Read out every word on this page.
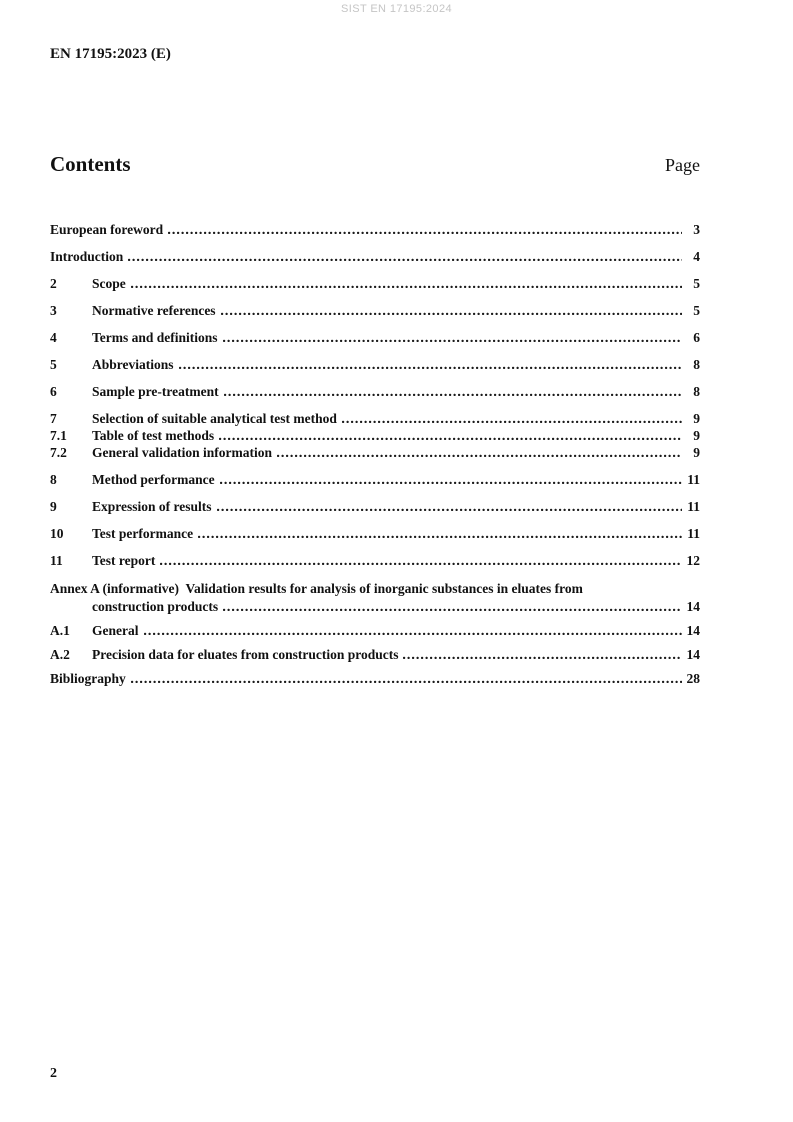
SIST EN 17195:2024
EN 17195:2023 (E)
Contents	Page
European foreword	3
Introduction	4
2	Scope	5
3	Normative references	5
4	Terms and definitions	6
5	Abbreviations	8
6	Sample pre-treatment	8
7	Selection of suitable analytical test method	9
7.1	Table of test methods	9
7.2	General validation information	9
8	Method performance	11
9	Expression of results	11
10	Test performance	11
11	Test report	12
Annex A (informative)  Validation results for analysis of inorganic substances in eluates from
construction products	14
A.1	General	14
A.2	Precision data for eluates from construction products	14
Bibliography	28
2
